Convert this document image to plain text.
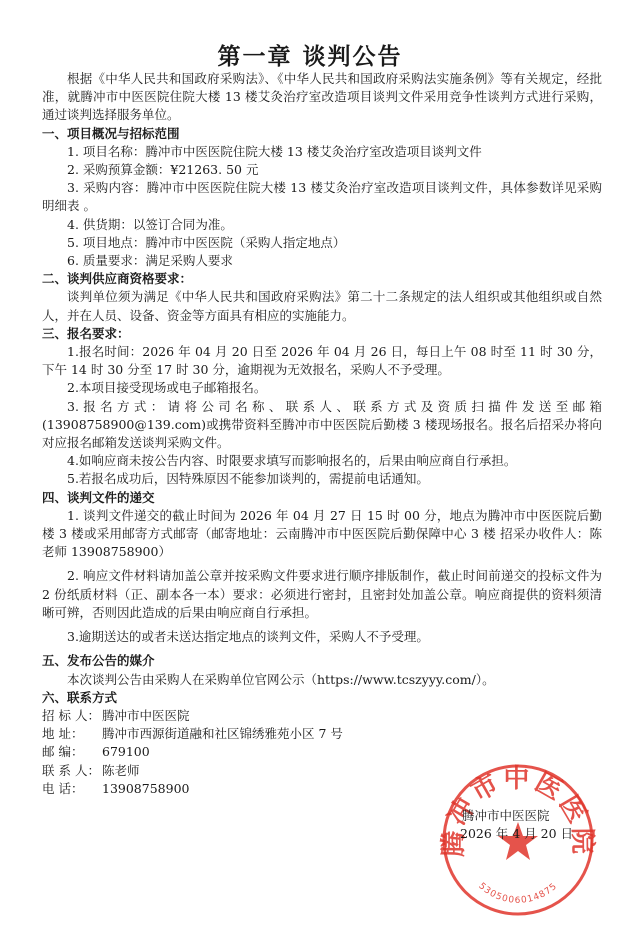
第一章 谈判公告

根据《中华人民共和国政府采购法》、《中华人民共和国政府采购法实施条例》等有关规定，经批准，就腾冲市中医医院住院大楼 13 楼艾灸治疗室改造项目谈判文件采用竞争性谈判方式进行采购，通过谈判选择服务单位。

一、项目概况与招标范围

1. 项目名称：腾冲市中医医院住院大楼 13 楼艾灸治疗室改造项目谈判文件

2. 采购预算金额：¥21263. 50 元

3. 采购内容：腾冲市中医医院住院大楼 13 楼艾灸治疗室改造项目谈判文件，具体参数详见采购明细表 。

4. 供货期：以签订合同为准。

5. 项目地点：腾冲市中医医院（采购人指定地点）

6. 质量要求：满足采购人要求

二、谈判供应商资格要求：

谈判单位须为满足《中华人民共和国政府采购法》第二十二条规定的法人组织或其他组织或自然人，并在人员、设备、资金等方面具有相应的实施能力。

三、报名要求：

1.报名时间：2026 年 04 月 20 日至 2026 年 04 月 26 日，每日上午 08 时至 11 时 30 分，下午 14 时 30 分至 17 时 30 分，逾期视为无效报名，采购人不予受理。

2.本项目接受现场或电子邮箱报名。

3.报名方式：请将公司名称、联系人、联系方式及资质扫描件发送至邮箱(13908758900@139.com)或携带资料至腾冲市中医医院后勤楼 3 楼现场报名。报名后招采办将向对应报名邮箱发送谈判采购文件。

4.如响应商未按公告内容、时限要求填写而影响报名的，后果由响应商自行承担。

5.若报名成功后，因特殊原因不能参加谈判的，需提前电话通知。

四、谈判文件的递交

1. 谈判文件递交的截止时间为 2026 年 04 月 27 日 15 时 00 分，地点为腾冲市中医医院后勤楼 3 楼或采用邮寄方式邮寄（邮寄地址：云南腾冲市中医医院后勤保障中心 3 楼 招采办收件人：陈老师 13908758900）

2. 响应文件材料请加盖公章并按采购文件要求进行顺序排版制作，截止时间前递交的投标文件为 2 份纸质材料（正、副本各一本）要求：必须进行密封，且密封处加盖公章。响应商提供的资料须清晰可辨，否则因此造成的后果由响应商自行承担。

3.逾期送达的或者未送达指定地点的谈判文件，采购人不予受理。

五、发布公告的媒介

本次谈判公告由采购人在采购单位官网公示（https://www.tcszyyy.com/）。

六、联系方式

招 标 人： 腾冲市中医医院

地 址： 腾冲市西源街道融和社区锦绣雅苑小区 7 号

邮 编： 679100

联 系 人： 陈老师

电 话： 13908758900

腾冲市中医医院
5305006014875
腾冲市中医医院
2026 年 4 月 20 日
